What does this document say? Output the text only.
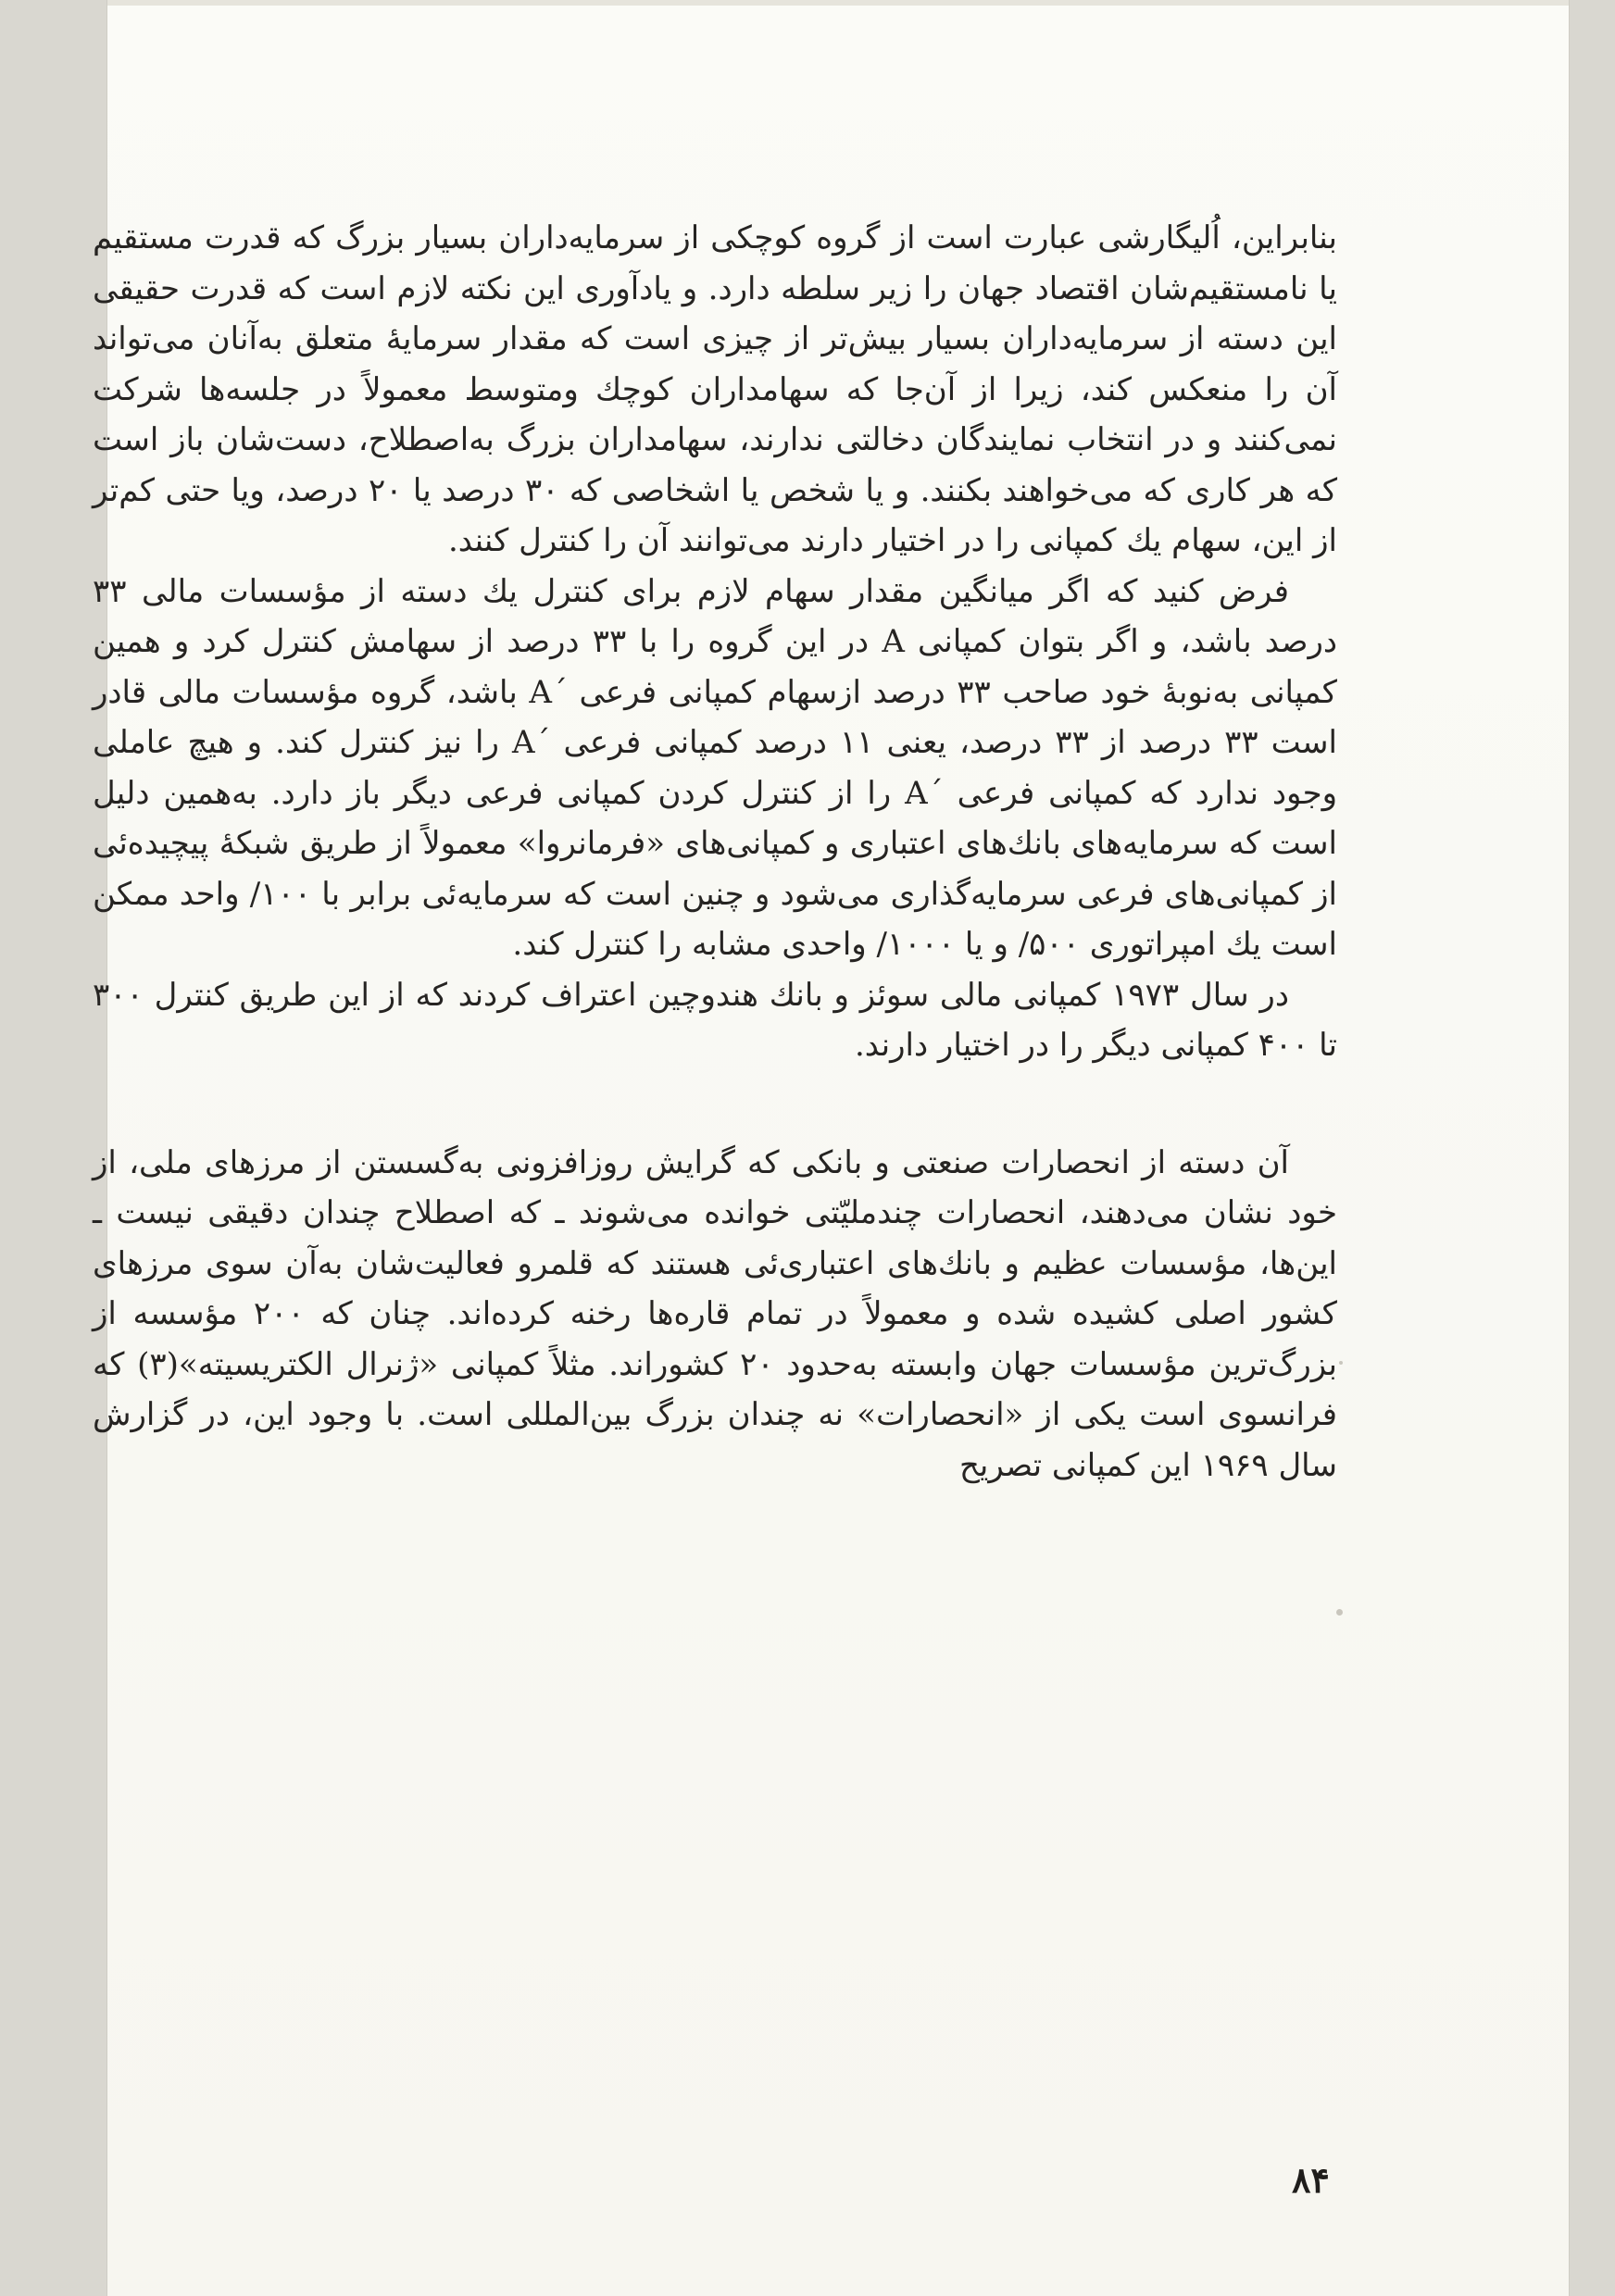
بنابراین، اُلیگارشی عبارت است از گروه کوچکی از سرمایه‌داران بسیار بزرگ که قدرت مستقیم یا نامستقیم‌شان اقتصاد جهان را زیر سلطه دارد. و یادآوری این نکته لازم است که قدرت حقیقی این دسته از سرمایه‌داران بسیار بیش‌تر از چیزی است که مقدار سرمایهٔ متعلق به‌آنان می‌تواند آن را منعکس کند، زیرا از آن‌جا که سهامداران کوچك ومتوسط معمولاً در جلسه‌ها شرکت نمی‌کنند و در انتخاب نمایندگان دخالتی ندارند، سهامداران بزرگ به‌اصطلاح، دست‌شان باز است که هر کاری که می‌خواهند بکنند. و یا شخص یا اشخاصی که ۳۰ درصد یا ۲۰ درصد، ویا حتی کم‌تر از این، سهام یك کمپانی را در اختیار دارند می‌توانند آن را کنترل کنند.

فرض کنید که اگر میانگین مقدار سهام لازم برای کنترل یك دسته از مؤسسات مالی ۳۳ درصد باشد، و اگر بتوان کمپانی A در این گروه را با ۳۳ درصد از سهامش کنترل کرد و همین کمپانی به‌نوبهٔ خود صاحب ۳۳ درصد ازسهام کمپانی فرعی ´A باشد، گروه مؤسسات مالی قادر است ۳۳ درصد از ۳۳ درصد، یعنی ۱۱ درصد کمپانی فرعی ´A را نیز کنترل کند. و هیچ عاملی وجود ندارد که کمپانی فرعی ´A را از کنترل کردن کمپانی فرعی دیگر باز دارد. به‌همین دلیل است که سرمایه‌های بانك‌های اعتباری و کمپانی‌های «فرمانروا» معمولاً از طریق شبکهٔ پیچیده‌ئی از کمپانی‌های فرعی سرمایه‌گذاری می‌شود و چنین است که سرمایه‌ئی برابر با ۱۰۰/ واحد ممکن است یك امپراتوری ۵۰۰/ و یا ۱۰۰۰/ واحدی مشابه را کنترل کند.

در سال ۱۹۷۳ کمپانی مالی سوئز و بانك هندوچین اعتراف کردند که از این طریق کنترل ۳۰۰ تا ۴۰۰ کمپانی دیگر را در اختیار دارند.

آن دسته از انحصارات صنعتی و بانکی که گرایش روزافزونی به‌گسستن از مرزهای ملی، از خود نشان می‌دهند، انحصارات چندملیّتی خوانده می‌شوند ـ که اصطلاح چندان دقیقی نیست ـ این‌ها، مؤسسات عظیم و بانك‌های اعتباری‌ئی هستند که قلمرو فعالیت‌شان به‌آن سوی مرزهای کشور اصلی کشیده شده و معمولاً در تمام قاره‌ها رخنه کرده‌اند. چنان که ۲۰۰ مؤسسه از بزرگ‌ترین مؤسسات جهان وابسته به‌حدود ۲۰ کشوراند. مثلاً کمپانی «ژنرال الکتریسیته»(۳) که فرانسوی است یکی از «انحصارات» نه چندان بزرگ بین‌المللی است. با وجود این، در گزارش سال ۱۹۶۹ این کمپانی تصریح

۸۴
